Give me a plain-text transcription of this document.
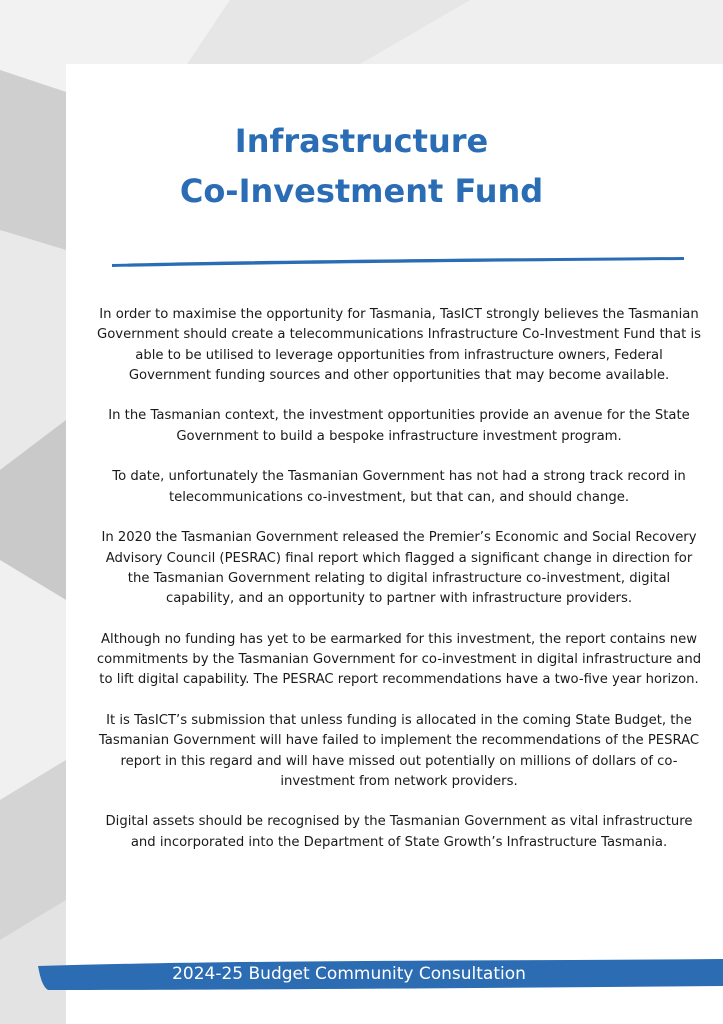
Infrastructure
Co-Investment Fund

In order to maximise the opportunity for Tasmania, TasICT strongly believes the Tasmanian Government should create a telecommunications Infrastructure Co-Investment Fund that is able to be utilised to leverage opportunities from infrastructure owners, Federal Government funding sources and other opportunities that may become available.

In the Tasmanian context, the investment opportunities provide an avenue for the State Government to build a bespoke infrastructure investment program.

To date, unfortunately the Tasmanian Government has not had a strong track record in telecommunications co-investment, but that can, and should change.

In 2020 the Tasmanian Government released the Premier’s Economic and Social Recovery Advisory Council (PESRAC) final report which flagged a significant change in direction for the Tasmanian Government relating to digital infrastructure co-investment, digital capability, and an opportunity to partner with infrastructure providers.

Although no funding has yet to be earmarked for this investment, the report contains new commitments by the Tasmanian Government for co-investment in digital infrastructure and to lift digital capability. The PESRAC report recommendations have a two-five year horizon.

It is TasICT’s submission that unless funding is allocated in the coming State Budget, the Tasmanian Government will have failed to implement the recommendations of the PESRAC report in this regard and will have missed out potentially on millions of dollars of co-investment from network providers.

Digital assets should be recognised by the Tasmanian Government as vital infrastructure and incorporated into the Department of State Growth’s Infrastructure Tasmania.

2024-25 Budget Community Consultation
